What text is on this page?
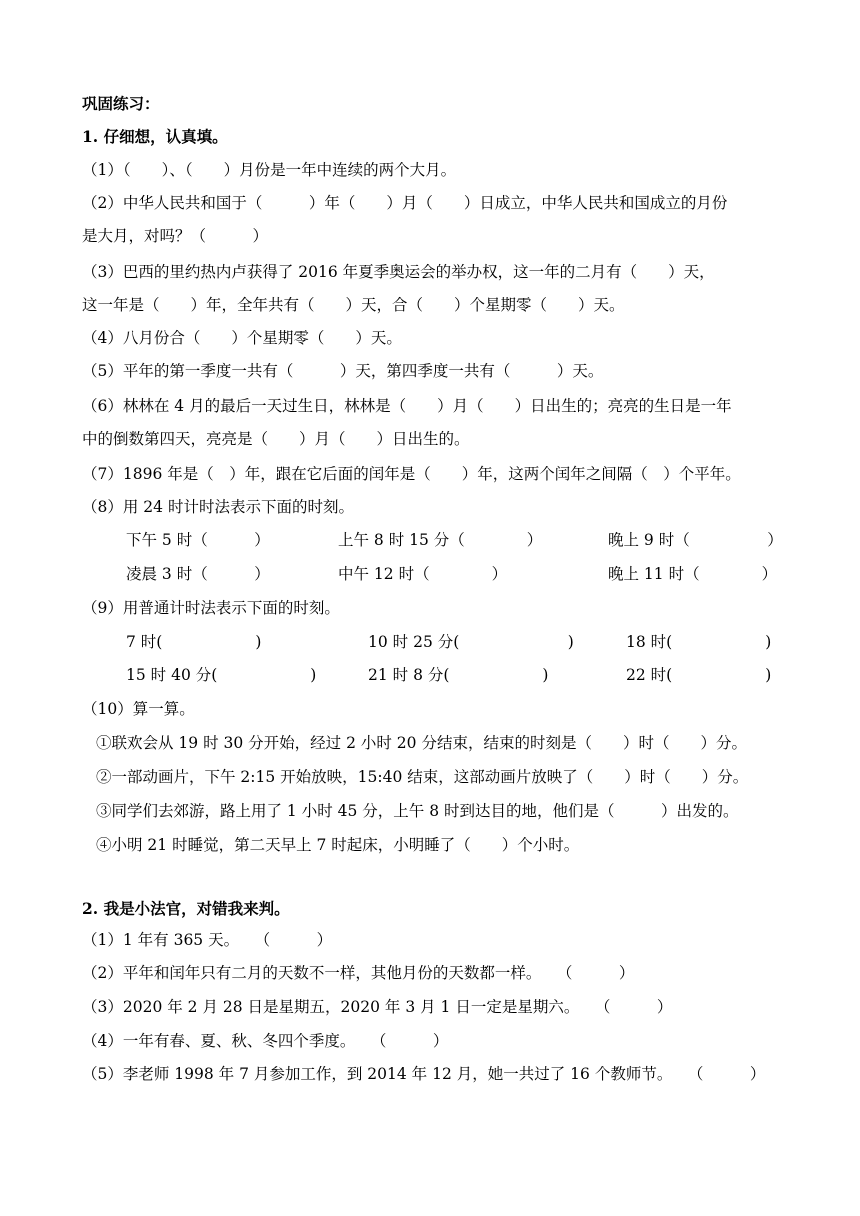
巩固练习：
1. 仔细想，认真填。
（1）（　　）、（　　）月份是一年中连续的两个大月。
（2）中华人民共和国于（　　　）年（　　）月（　　）日成立，中华人民共和国成立的月份
是大月，对吗？（　　　）
（3）巴西的里约热内卢获得了 2016 年夏季奥运会的举办权，这一年的二月有（　　）天，
这一年是（　　）年，全年共有（　　）天，合（　　）个星期零（　　）天。
（4）八月份合（　　）个星期零（　　）天。
（5）平年的第一季度一共有（　　　）天，第四季度一共有（　　　）天。
（6）林林在 4 月的最后一天过生日，林林是（　　）月（　　）日出生的；亮亮的生日是一年
中的倒数第四天，亮亮是（　　）月（　　）日出生的。
（7）1896 年是（　）年，跟在它后面的闰年是（　　）年，这两个闰年之间隔（　）个平年。
（8）用 24 时计时法表示下面的时刻。
下午 5 时（　　　）	上午 8 时 15 分（　　　　）	晚上 9 时（　　　　　）
凌晨 3 时（　　　）	中午 12 时（　　　　）	晚上 11 时（　　　　）
（9）用普通计时法表示下面的时刻。
7 时(　　　　　　)	10 时 25 分(　　　　　　　)	18 时(　　　　　　)
15 时 40 分(　　　　　　)	21 时 8 分(　　　　　　)	22 时(　　　　　　)
（10）算一算。
①联欢会从 19 时 30 分开始，经过 2 小时 20 分结束，结束的时刻是（　　）时（　　）分。
②一部动画片，下午 2:15 开始放映，15:40 结束，这部动画片放映了（　　）时（　　）分。
③同学们去郊游，路上用了 1 小时 45 分，上午 8 时到达目的地，他们是（　　　）出发的。
④小明 21 时睡觉，第二天早上 7 时起床，小明睡了（　　）个小时。
2. 我是小法官，对错我来判。
（1）1 年有 365 天。　　（　　　）
（2）平年和闰年只有二月的天数不一样，其他月份的天数都一样。　　（　　　）
（3）2020 年 2 月 28 日是星期五，2020 年 3 月 1 日一定是星期六。　　（　　　）
（4）一年有春、夏、秋、冬四个季度。　　（　　　）
（5）李老师 1998 年 7 月参加工作，到 2014 年 12 月，她一共过了 16 个教师节。　　（　　　）
